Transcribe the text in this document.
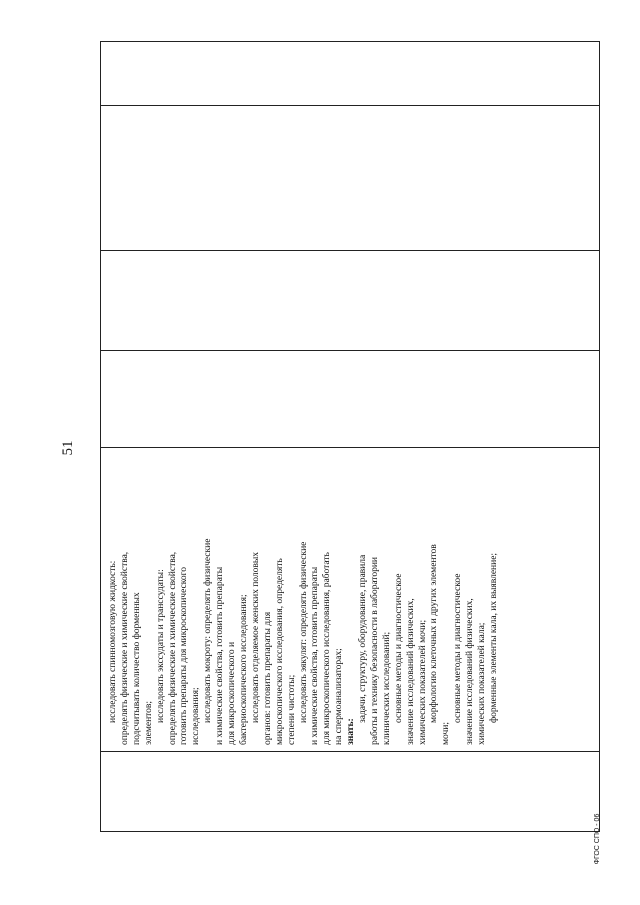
51

исследовать спинномозговую жидкость: определять физические и химические свойства, подсчитывать количество форменных элементов; исследовать экссудаты и транссудаты: определять физические и химические свойства, готовить препараты для микроскопического исследования; исследовать мокроту: определять физические и химические свойства, готовить препараты для микроскопического и бактериоскопического исследования; исследовать отделяемое женских половых органов: готовить препараты для микроскопического исследования, определять степени чистоты; исследовать эякулят: определять физические и химические свойства, готовить препараты для микроскопического исследования, работать на спермоанализаторах; знать:
задачи, структуру, оборудование, правила работы и технику безопасности в лаборатории клинических исследований; основные методы и диагностическое значение исследований физических, химических показателей мочи; морфологию клеточных и других элементов
мочи;
основные методы и диагностическое значение исследований физических, химических показателей кала; форменные элементы кала, их выявление;

ФГОС СПО - 06
